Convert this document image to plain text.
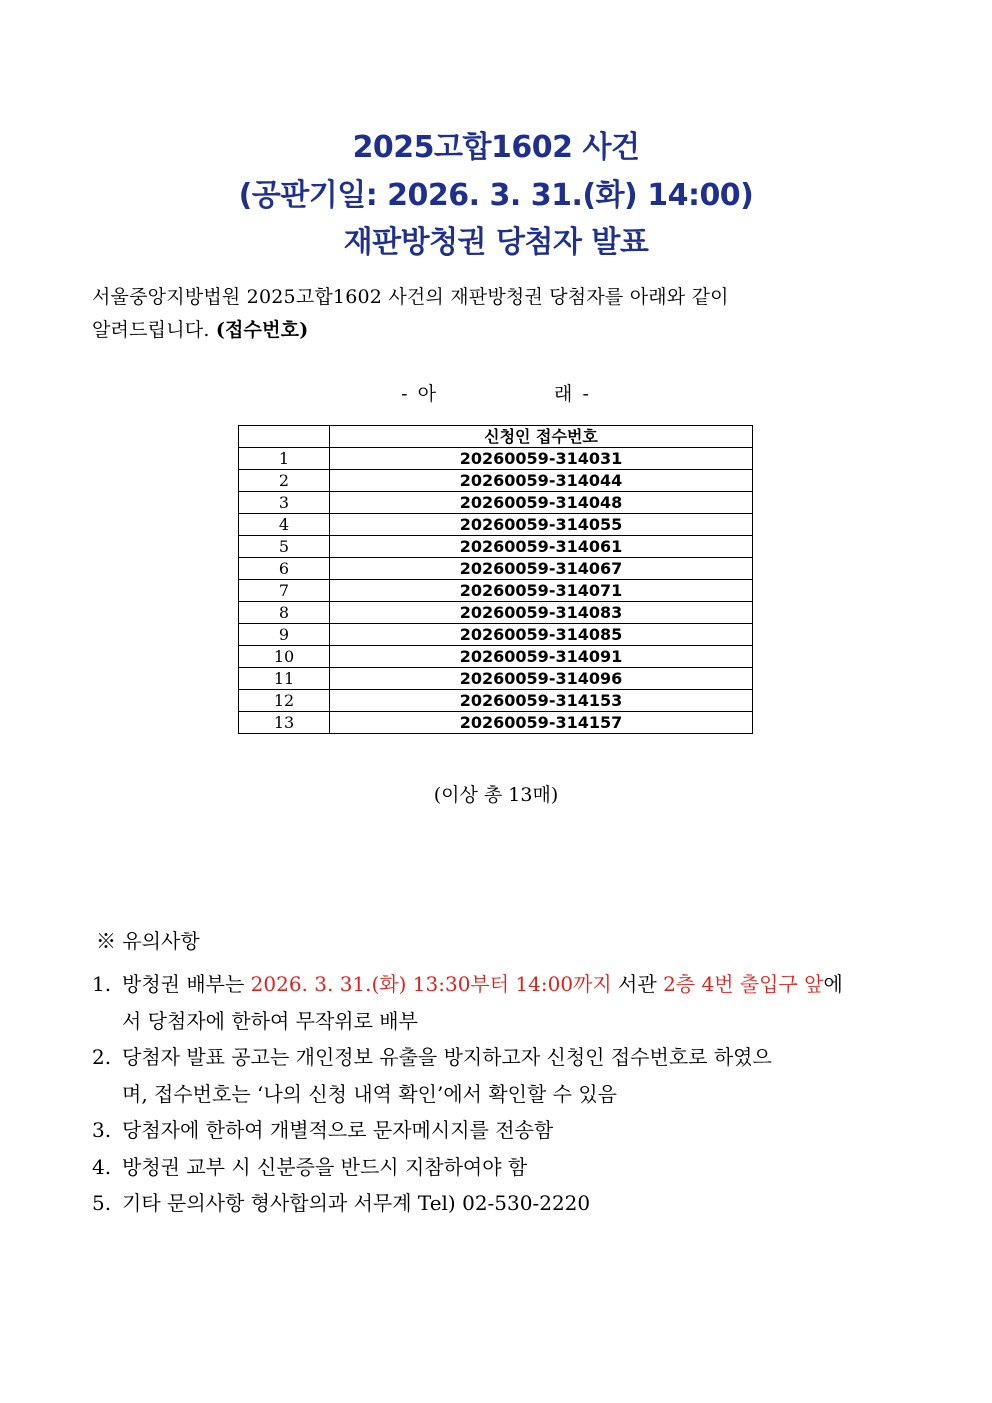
2025고합1602 사건
(공판기일: 2026. 3. 31.(화) 14:00)
재판방청권 당첨자 발표
서울중앙지방법원 2025고합1602 사건의 재판방청권 당첨자를 아래와 같이
알려드립니다. (접수번호)
- 아	래 -
	신청인 접수번호
1	20260059-314031
2	20260059-314044
3	20260059-314048
4	20260059-314055
5	20260059-314061
6	20260059-314067
7	20260059-314071
8	20260059-314083
9	20260059-314085
10	20260059-314091
11	20260059-314096
12	20260059-314153
13	20260059-314157
(이상 총 13매)
※ 유의사항
1. 방청권 배부는 2026. 3. 31.(화) 13:30부터 14:00까지 서관 2층 4번 출입구 앞에
서 당첨자에 한하여 무작위로 배부
2. 당첨자 발표 공고는 개인정보 유출을 방지하고자 신청인 접수번호로 하였으
며, 접수번호는 ‘나의 신청 내역 확인’에서 확인할 수 있음
3. 당첨자에 한하여 개별적으로 문자메시지를 전송함
4. 방청권 교부 시 신분증을 반드시 지참하여야 함
5. 기타 문의사항 형사합의과 서무계 Tel) 02-530-2220
